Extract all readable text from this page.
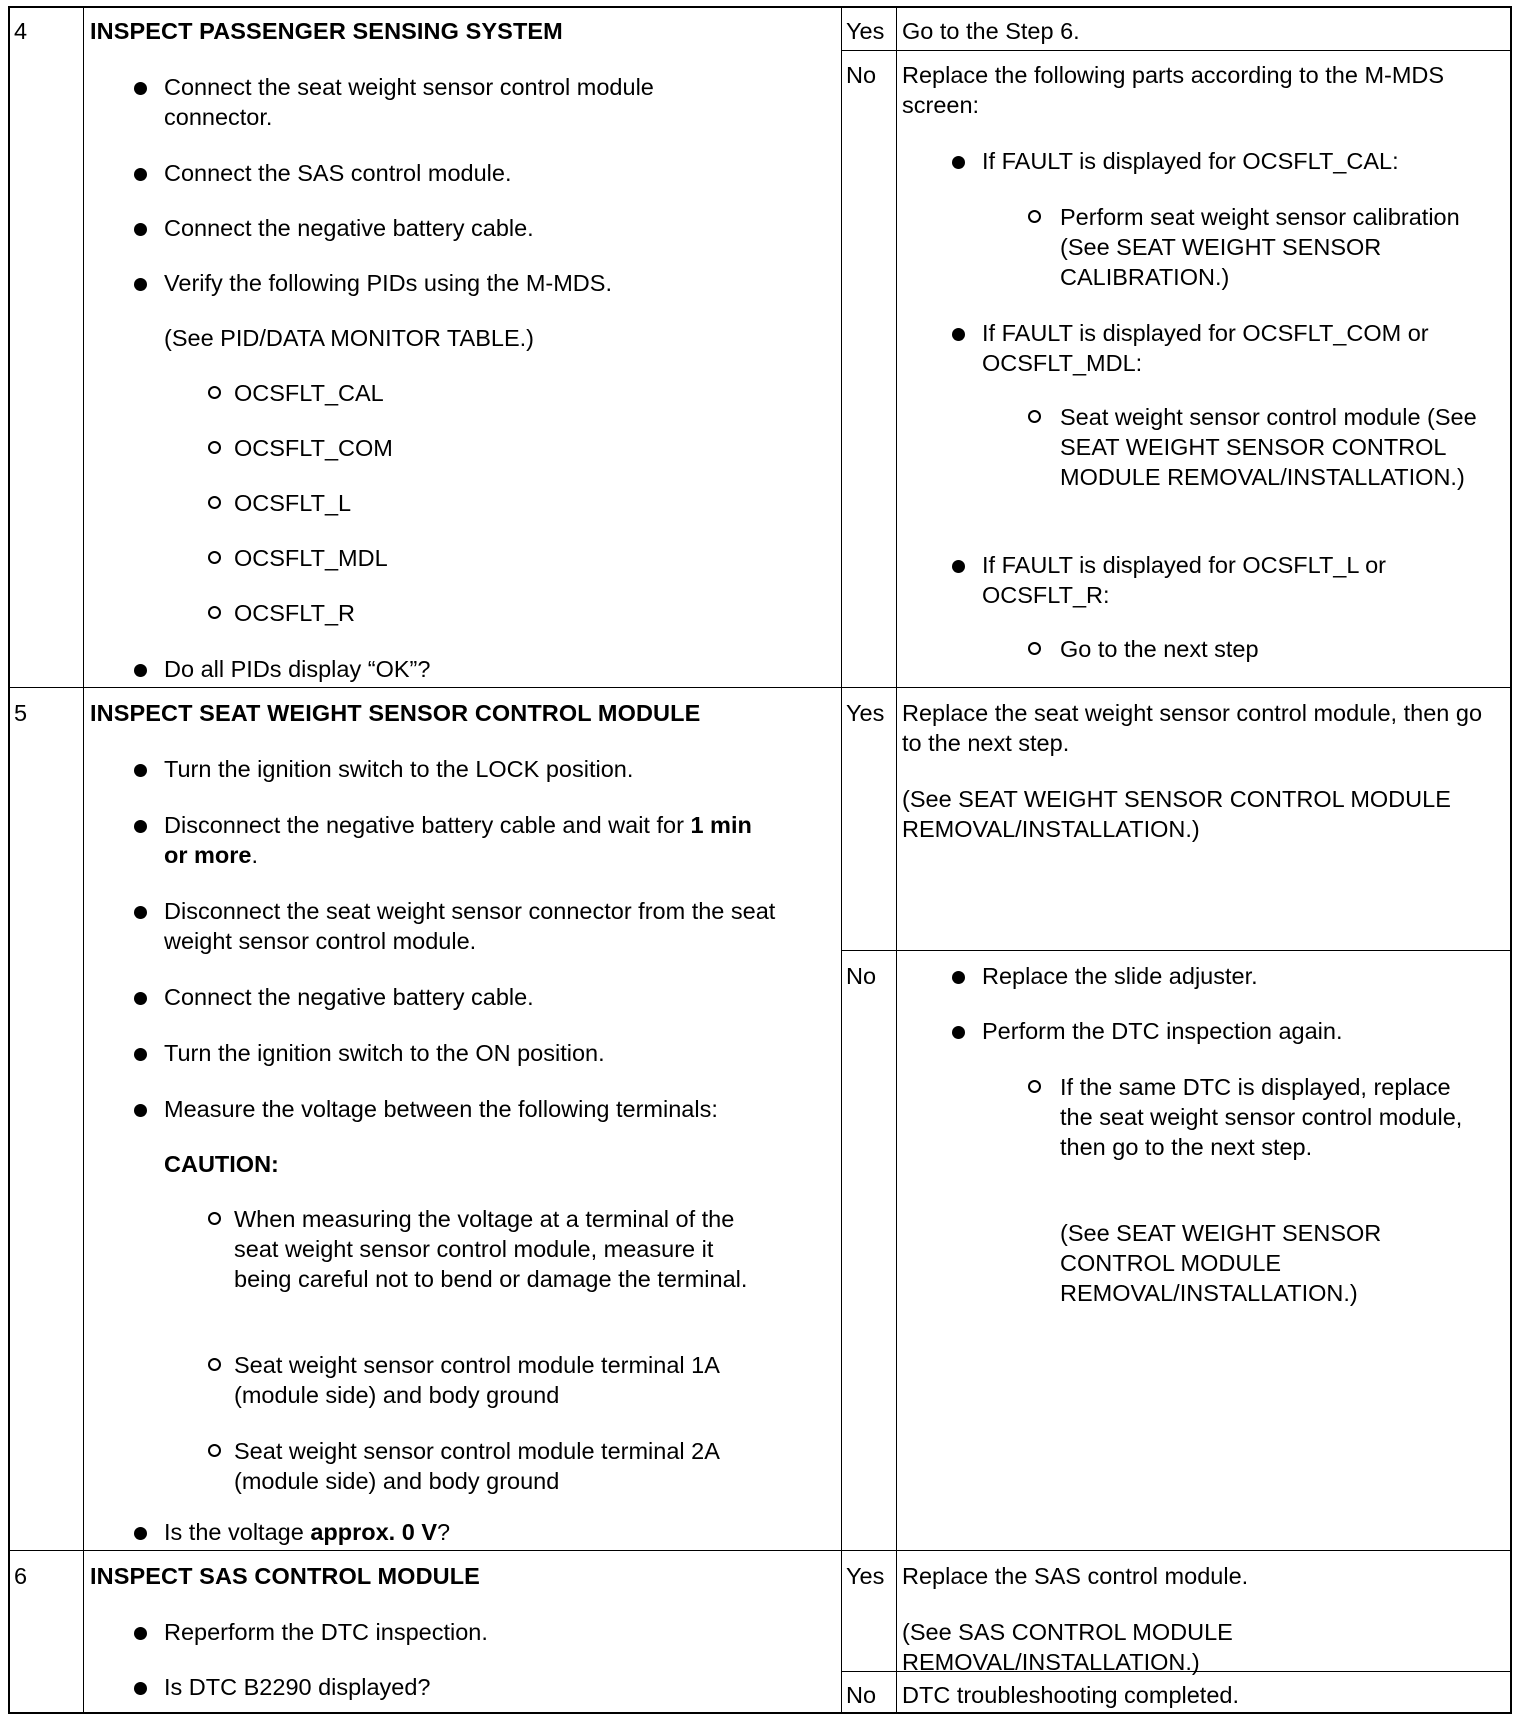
4	INSPECT PASSENGER SENSING SYSTEM
Connect the seat weight sensor control module connector.
Connect the SAS control module.
Connect the negative battery cable.
Verify the following PIDs using the M-MDS.
(See PID/DATA MONITOR TABLE.)
OCSFLT_CAL
OCSFLT_COM
OCSFLT_L
OCSFLT_MDL
OCSFLT_R
Do all PIDs display “OK”?
Yes Go to the Step 6.
No Replace the following parts according to the M-MDS screen:
If FAULT is displayed for OCSFLT_CAL:
Perform seat weight sensor calibration (See SEAT WEIGHT SENSOR CALIBRATION.)
If FAULT is displayed for OCSFLT_COM or OCSFLT_MDL:
Seat weight sensor control module (See SEAT WEIGHT SENSOR CONTROL MODULE REMOVAL/INSTALLATION.)
If FAULT is displayed for OCSFLT_L or OCSFLT_R:
Go to the next step
5	INSPECT SEAT WEIGHT SENSOR CONTROL MODULE
Turn the ignition switch to the LOCK position.
Disconnect the negative battery cable and wait for 1 min
or more.
Disconnect the seat weight sensor connector from the seat weight sensor control module.
Connect the negative battery cable.
Turn the ignition switch to the ON position.
Measure the voltage between the following terminals:
CAUTION:
When measuring the voltage at a terminal of the seat weight sensor control module, measure it being careful not to bend or damage the terminal.
Seat weight sensor control module terminal 1A (module side) and body ground
Seat weight sensor control module terminal 2A (module side) and body ground
Is the voltage approx. 0 V?
Yes Replace the seat weight sensor control module, then go to the next step.
(See SEAT WEIGHT SENSOR CONTROL MODULE REMOVAL/INSTALLATION.)
No	Replace the slide adjuster.
Perform the DTC inspection again.
If the same DTC is displayed, replace the seat weight sensor control module, then go to the next step.
(See SEAT WEIGHT SENSOR CONTROL MODULE REMOVAL/INSTALLATION.)
6	INSPECT SAS CONTROL MODULE
Reperform the DTC inspection.
Is DTC B2290 displayed?
Yes Replace the SAS control module.
(See SAS CONTROL MODULE REMOVAL/INSTALLATION.)
No DTC troubleshooting completed.
